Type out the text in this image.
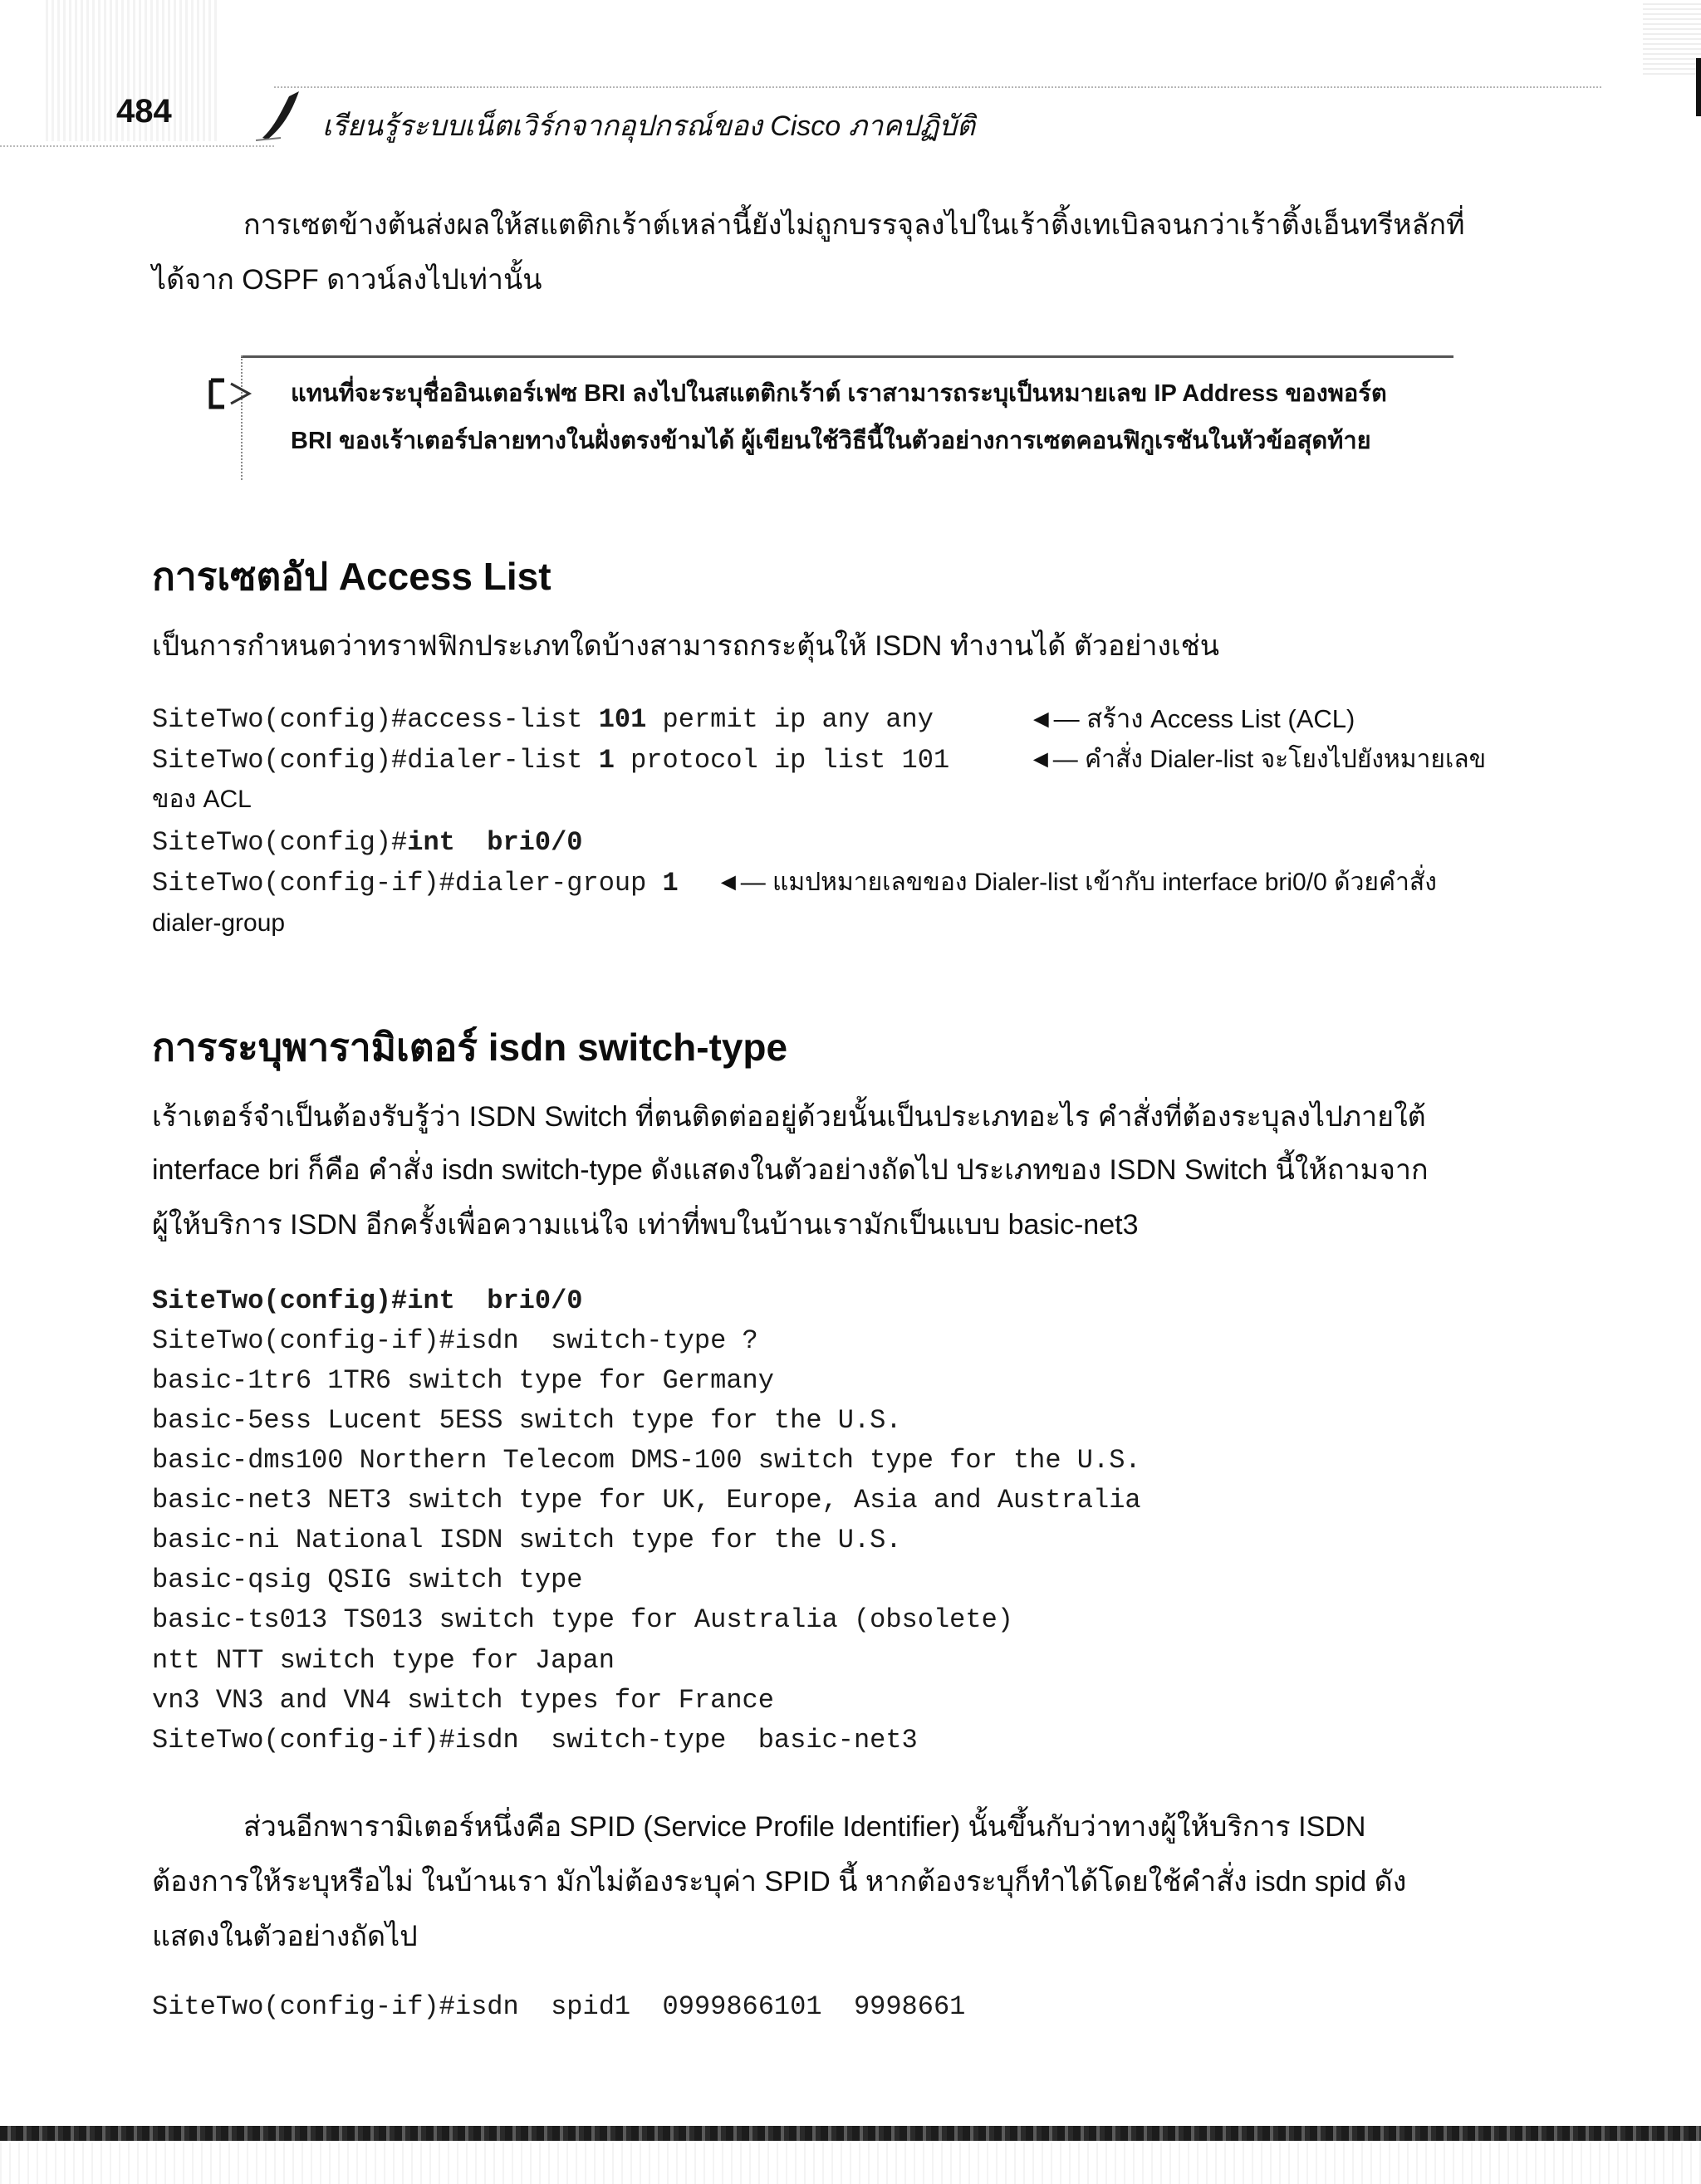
484	เรียนรู้ระบบเน็ตเวิร์กจากอุปกรณ์ของ Cisco ภาคปฏิบัติ
การเซตข้างต้นส่งผลให้สแตติกเร้าต์เหล่านี้ยังไม่ถูกบรรจุลงไปในเร้าติ้งเทเบิลจนกว่าเร้าติ้งเอ็นทรีหลักที่
ได้จาก OSPF ดาวน์ลงไปเท่านั้น
แทนที่จะระบุชื่ออินเตอร์เฟซ BRI ลงไปในสแตติกเร้าต์ เราสามารถระบุเป็นหมายเลข IP Address ของพอร์ต
BRI ของเร้าเตอร์ปลายทางในฝั่งตรงข้ามได้ ผู้เขียนใช้วิธีนี้ในตัวอย่างการเซตคอนฟิกูเรชันในหัวข้อสุดท้าย
การเซตอัป Access List
เป็นการกำหนดว่าทราฟฟิกประเภทใดบ้างสามารถกระตุ้นให้ ISDN ทำงานได้ ตัวอย่างเช่น
SiteTwo(config)#access-list 101 permit ip any any	◄— สร้าง Access List (ACL)
SiteTwo(config)#dialer-list 1 protocol ip list 101	◄— คำสั่ง Dialer-list จะโยงไปยังหมายเลข
ของ ACL
SiteTwo(config)#int  bri0/0
SiteTwo(config-if)#dialer-group 1 ◄— แมปหมายเลขของ Dialer-list เข้ากับ interface bri0/0 ด้วยคำสั่ง
dialer-group
การระบุพารามิเตอร์ isdn switch-type
เร้าเตอร์จำเป็นต้องรับรู้ว่า ISDN Switch ที่ตนติดต่ออยู่ด้วยนั้นเป็นประเภทอะไร คำสั่งที่ต้องระบุลงไปภายใต้
interface bri ก็คือ คำสั่ง isdn switch-type ดังแสดงในตัวอย่างถัดไป ประเภทของ ISDN Switch นี้ให้ถามจาก
ผู้ให้บริการ ISDN อีกครั้งเพื่อความแน่ใจ เท่าที่พบในบ้านเรามักเป็นแบบ basic-net3
SiteTwo(config)#int  bri0/0
SiteTwo(config-if)#isdn  switch-type ?
basic-1tr6 1TR6 switch type for Germany
basic-5ess Lucent 5ESS switch type for the U.S.
basic-dms100 Northern Telecom DMS-100 switch type for the U.S.
basic-net3 NET3 switch type for UK, Europe, Asia and Australia
basic-ni National ISDN switch type for the U.S.
basic-qsig QSIG switch type
basic-ts013 TS013 switch type for Australia (obsolete)
ntt NTT switch type for Japan
vn3 VN3 and VN4 switch types for France
SiteTwo(config-if)#isdn  switch-type  basic-net3
ส่วนอีกพารามิเตอร์หนึ่งคือ SPID (Service Profile Identifier) นั้นขึ้นกับว่าทางผู้ให้บริการ ISDN
ต้องการให้ระบุหรือไม่ ในบ้านเรา มักไม่ต้องระบุค่า SPID นี้ หากต้องระบุก็ทำได้โดยใช้คำสั่ง isdn spid ดัง
แสดงในตัวอย่างถัดไป
SiteTwo(config-if)#isdn  spid1  0999866101  9998661
